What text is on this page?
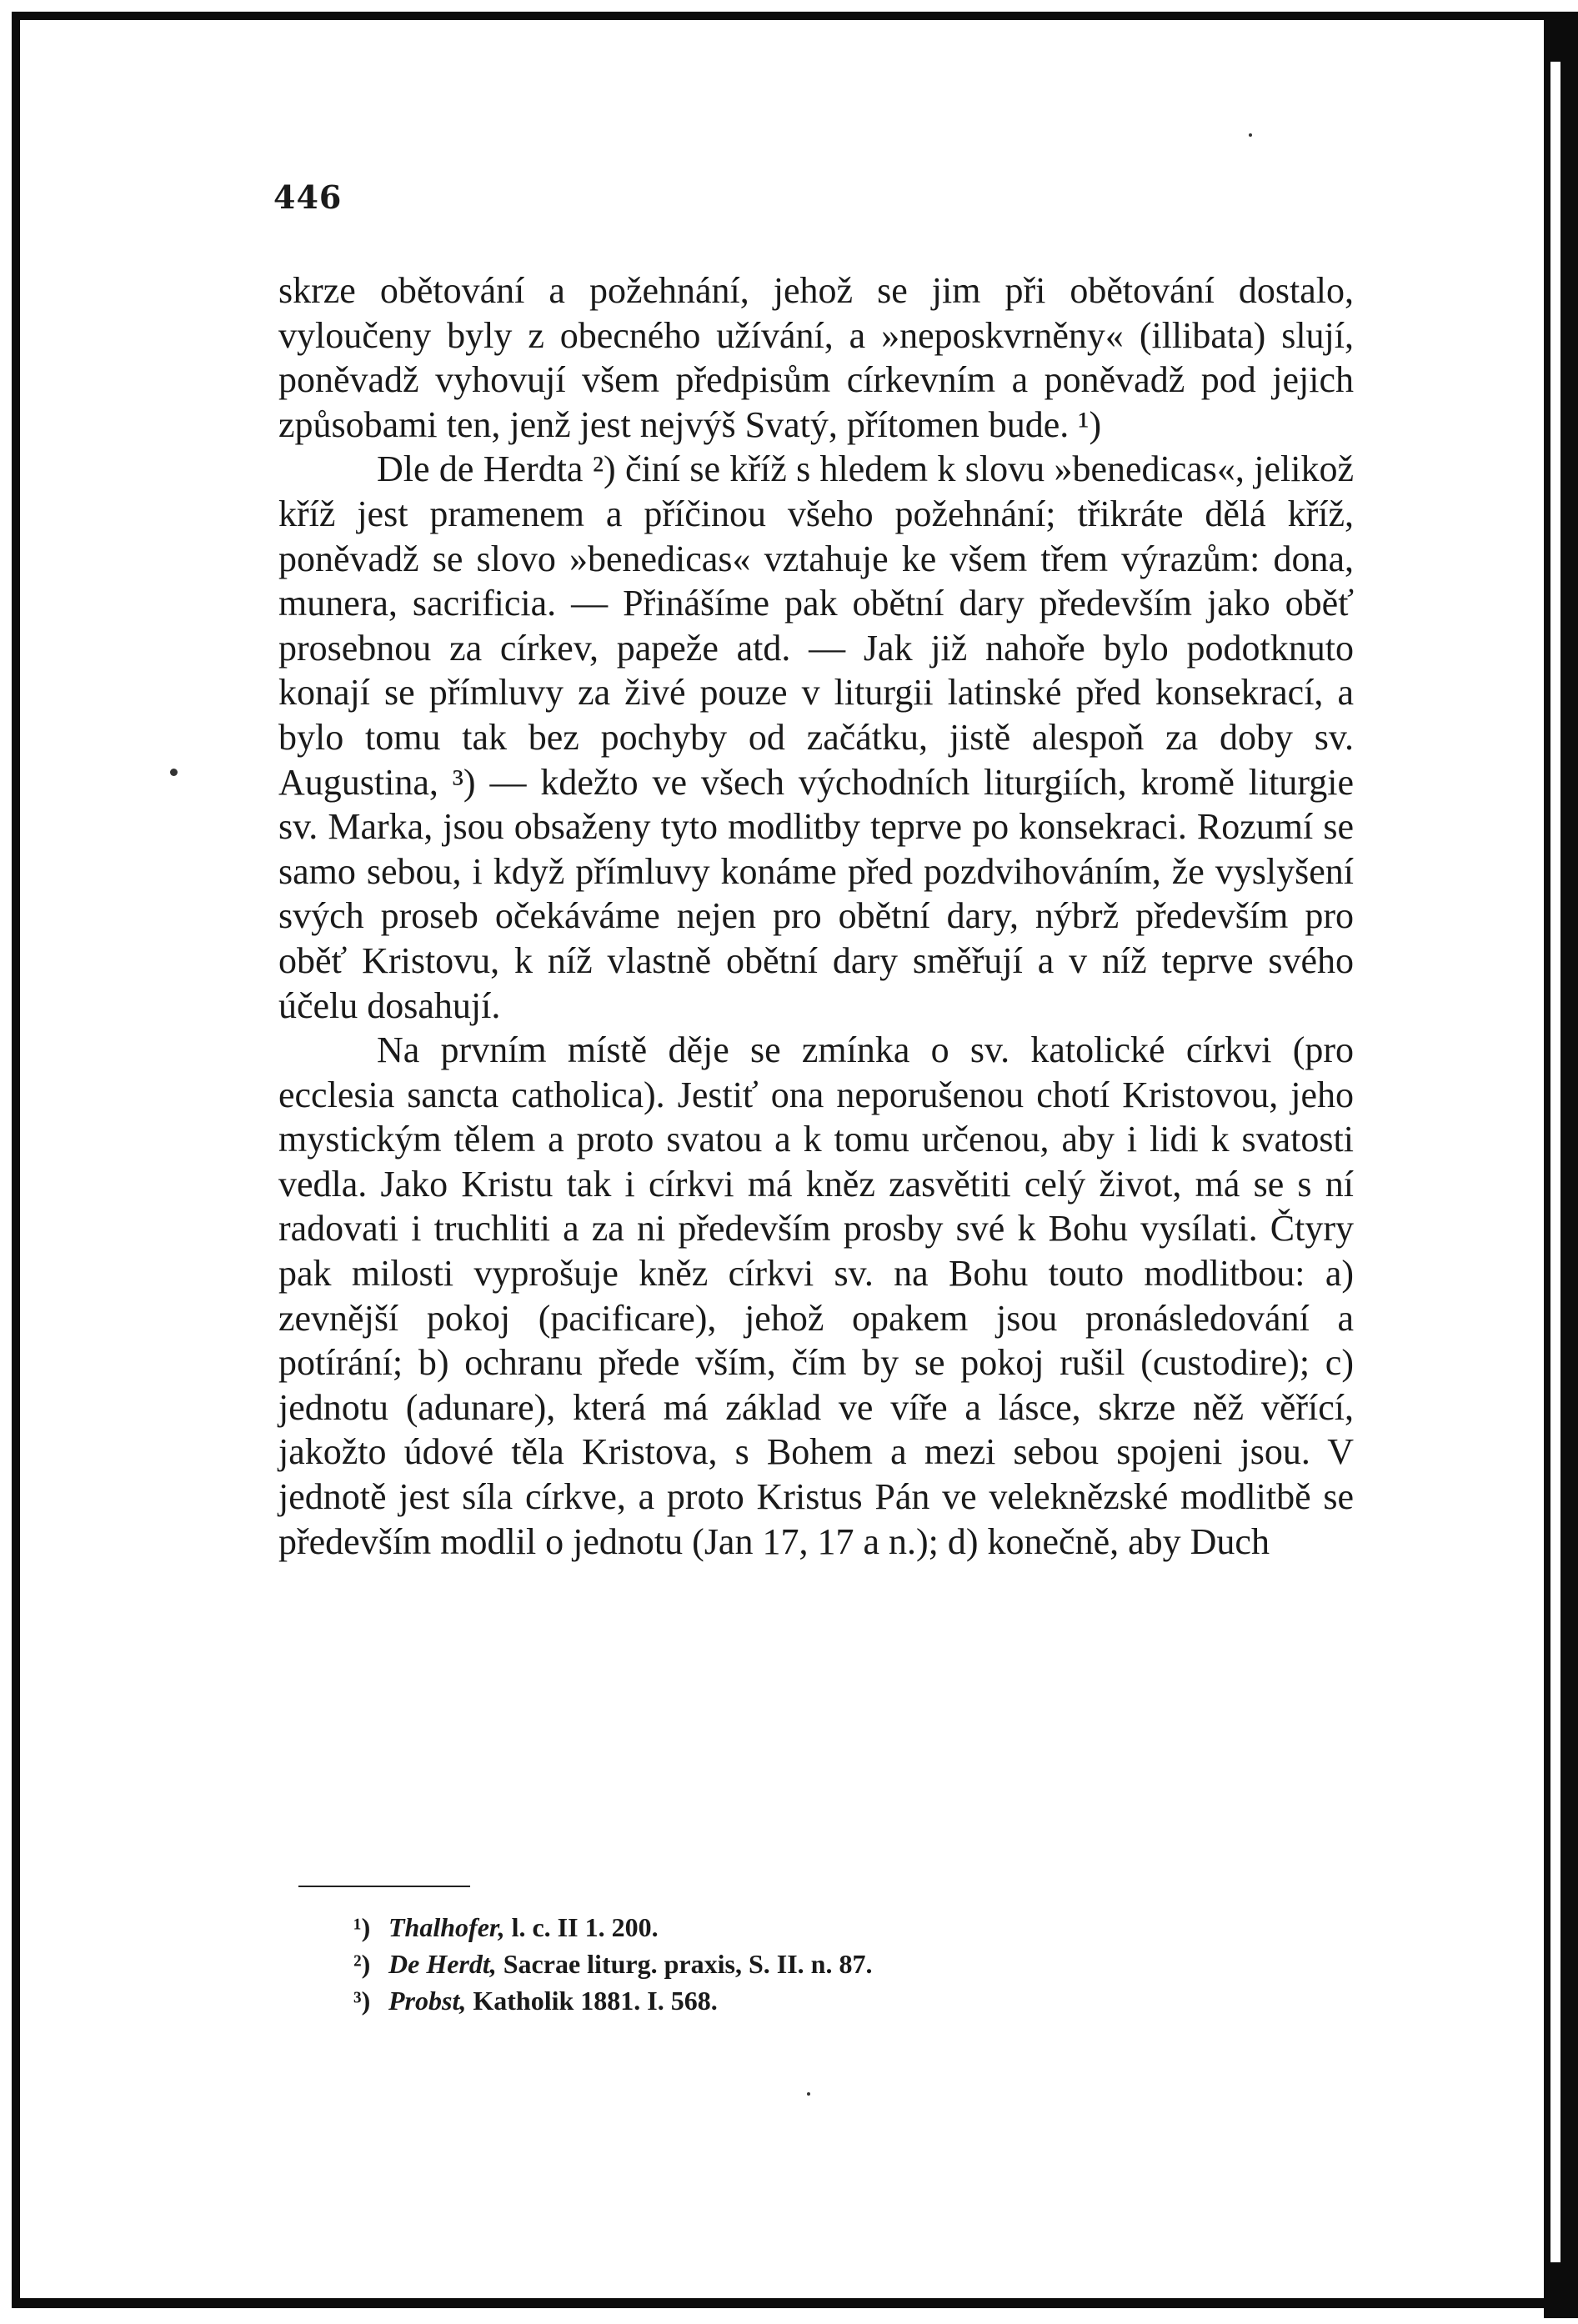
446

skrze obětování a požehnání, jehož se jim při obětování dostalo, vyloučeny byly z obecného užívání, a »neposkvrněny« (illibata) slují, poněvadž vyhovují všem předpisům církevním a poněvadž pod jejich způsobami ten, jenž jest nejvýš Svatý, přítomen bude. ¹)

Dle de Herdta ²) činí se kříž s hledem k slovu »benedicas«, jelikož kříž jest pramenem a příčinou všeho požehnání; třikráte dělá kříž, poněvadž se slovo »benedicas« vztahuje ke všem třem výrazům: dona, munera, sacrificia. — Přinášíme pak obětní dary především jako oběť prosebnou za církev, papeže atd. — Jak již nahoře bylo podotknuto konají se přímluvy za živé pouze v liturgii latinské před konsekrací, a bylo tomu tak bez pochyby od začátku, jistě alespoň za doby sv. Augustina, ³) — kdežto ve všech východních liturgiích, kromě liturgie sv. Marka, jsou obsaženy tyto modlitby teprve po konsekraci. Rozumí se samo sebou, i když přímluvy konáme před pozdvihováním, že vyslyšení svých proseb očekáváme nejen pro obětní dary, nýbrž především pro oběť Kristovu, k níž vlastně obětní dary směřují a v níž teprve svého účelu dosahují.

Na prvním místě děje se zmínka o sv. katolické církvi (pro ecclesia sancta catholica). Jestiť ona neporušenou chotí Kristovou, jeho mystickým tělem a proto svatou a k tomu určenou, aby i lidi k svatosti vedla. Jako Kristu tak i církvi má kněz zasvětiti celý život, má se s ní radovati i truchliti a za ni především prosby své k Bohu vysílati. Čtyry pak milosti vyprošuje kněz církvi sv. na Bohu touto modlitbou: a) zevnější pokoj (pacificare), jehož opakem jsou pronásledování a potírání; b) ochranu přede vším, čím by se pokoj rušil (custodire); c) jednotu (adunare), která má základ ve víře a lásce, skrze něž věřící, jakožto údové těla Kristova, s Bohem a mezi sebou spojeni jsou. V jednotě jest síla církve, a proto Kristus Pán ve veleknězské modlitbě se především modlil o jednotu (Jan 17, 17 a n.); d) konečně, aby Duch

¹) Thalhofer, l. c. II 1. 200.
²) De Herdt, Sacrae liturg. praxis, S. II. n. 87.
³) Probst, Katholik 1881. I. 568.
